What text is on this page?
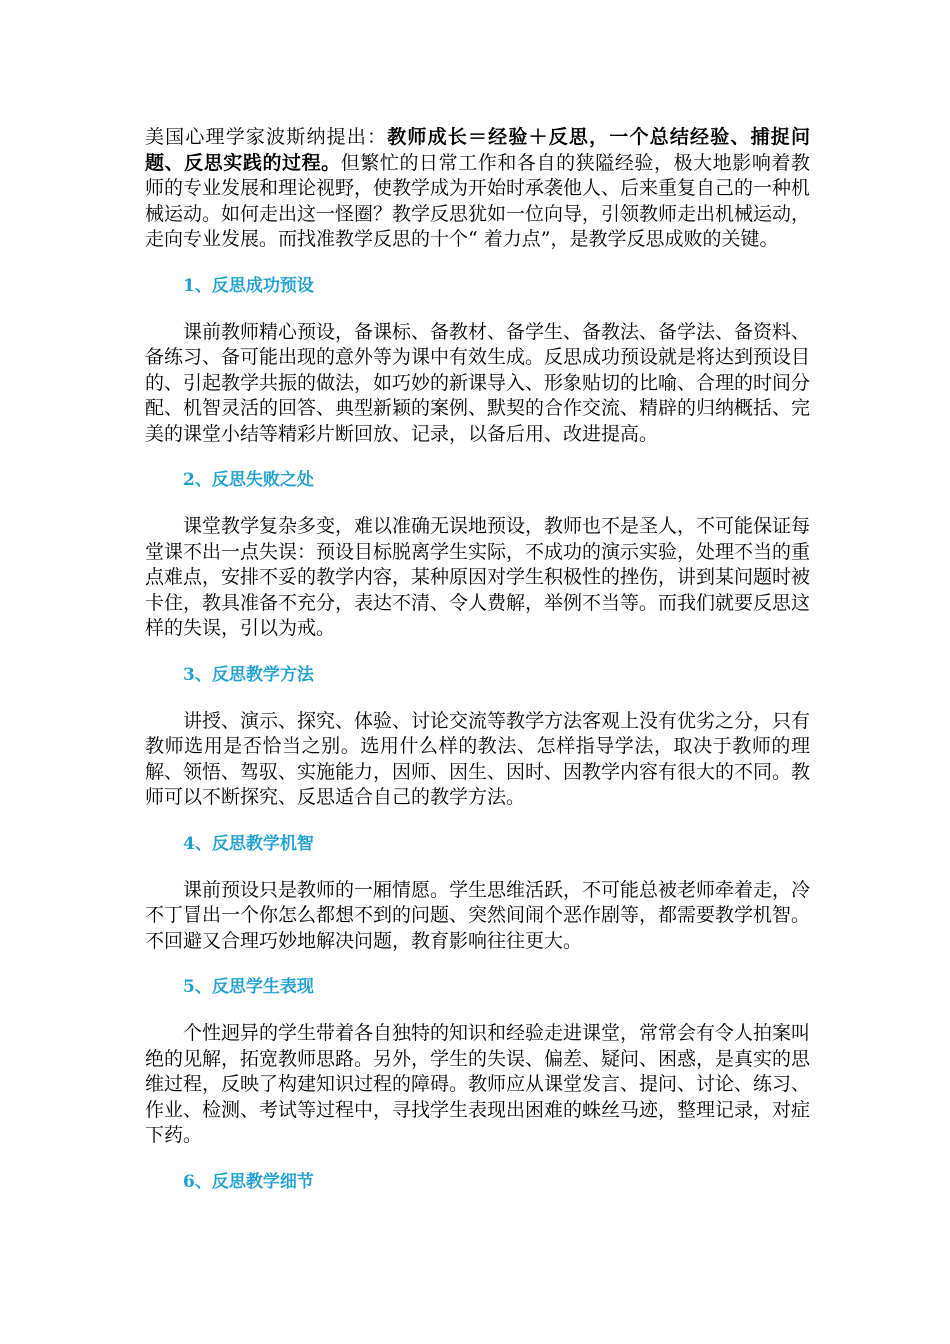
美国心理学家波斯纳提出：教师成长＝经验＋反思，一个总结经验、捕捉问题、反思实践的过程。但繁忙的日常工作和各自的狭隘经验，极大地影响着教师的专业发展和理论视野，使教学成为开始时承袭他人、后来重复自己的一种机械运动。如何走出这一怪圈？教学反思犹如一位向导，引领教师走出机械运动，走向专业发展。而找准教学反思的十个“ 着力点”，是教学反思成败的关键。

1、反思成功预设

课前教师精心预设，备课标、备教材、备学生、备教法、备学法、备资料、备练习、备可能出现的意外等为课中有效生成。反思成功预设就是将达到预设目的、引起教学共振的做法，如巧妙的新课导入、形象贴切的比喻、合理的时间分配、机智灵活的回答、典型新颖的案例、默契的合作交流、精辟的归纳概括、完美的课堂小结等精彩片断回放、记录，以备后用、改进提高。

2、反思失败之处

课堂教学复杂多变，难以准确无误地预设，教师也不是圣人，不可能保证每堂课不出一点失误：预设目标脱离学生实际，不成功的演示实验，处理不当的重点难点，安排不妥的教学内容，某种原因对学生积极性的挫伤，讲到某问题时被卡住，教具准备不充分，表达不清、令人费解，举例不当等。而我们就要反思这样的失误，引以为戒。

3、反思教学方法

讲授、演示、探究、体验、讨论交流等教学方法客观上没有优劣之分，只有教师选用是否恰当之别。选用什么样的教法、怎样指导学法，取决于教师的理解、领悟、驾驭、实施能力，因师、因生、因时、因教学内容有很大的不同。教师可以不断探究、反思适合自己的教学方法。

4、反思教学机智

课前预设只是教师的一厢情愿。学生思维活跃，不可能总被老师牵着走，冷不丁冒出一个你怎么都想不到的问题、突然间闹个恶作剧等，都需要教学机智。不回避又合理巧妙地解决问题，教育影响往往更大。

5、反思学生表现

个性迥异的学生带着各自独特的知识和经验走进课堂，常常会有令人拍案叫绝的见解，拓宽教师思路。另外，学生的失误、偏差、疑问、困惑，是真实的思维过程，反映了构建知识过程的障碍。教师应从课堂发言、提问、讨论、练习、作业、检测、考试等过程中，寻找学生表现出困难的蛛丝马迹，整理记录，对症下药。

6、反思教学细节
